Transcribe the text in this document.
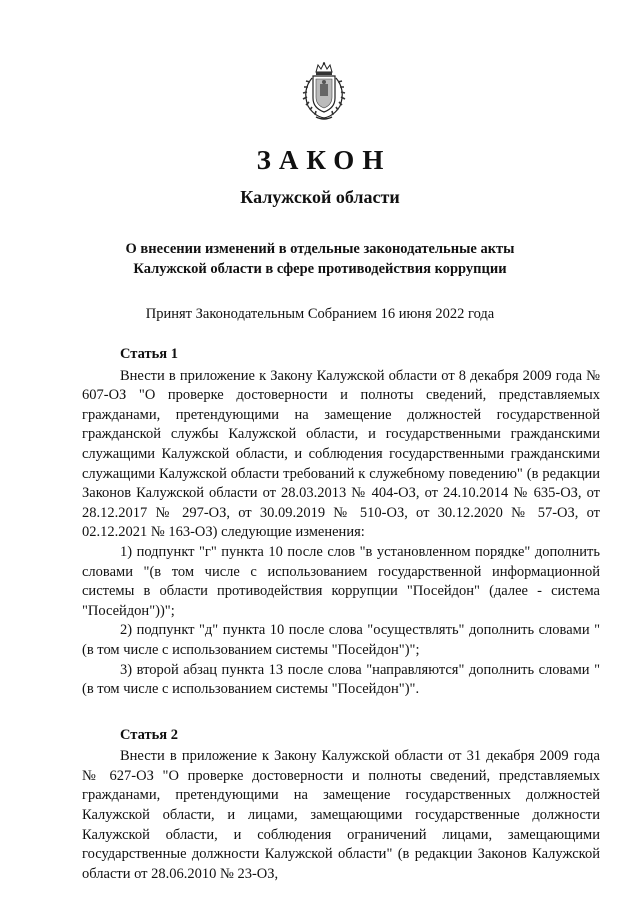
ЗАКОН
Калужской области
О внесении изменений в отдельные законодательные акты
Калужской области в сфере противодействия коррупции
Принят Законодательным Собранием 16 июня 2022 года

Статья 1

Внести в приложение к Закону Калужской области от 8 декабря 2009 года № 607-ОЗ "О проверке достоверности и полноты сведений, представляемых гражданами, претендующими на замещение должностей государственной гражданской службы Калужской области, и государственными гражданскими служащими Калужской области, и соблюдения государственными гражданскими служащими Калужской области требований к служебному поведению" (в редакции Законов Калужской области от 28.03.2013 № 404-ОЗ, от 24.10.2014 № 635-ОЗ, от 28.12.2017 № 297-ОЗ, от 30.09.2019 № 510-ОЗ, от 30.12.2020 № 57-ОЗ, от 02.12.2021 № 163-ОЗ) следующие изменения:

1) подпункт "г" пункта 10 после слов "в установленном порядке" дополнить словами "(в том числе с использованием государственной информационной системы в области противодействия коррупции "Посейдон" (далее - система "Посейдон"))";

2) подпункт "д" пункта 10 после слова "осуществлять" дополнить словами "(в том числе с использованием системы "Посейдон")";

3) второй абзац пункта 13 после слова "направляются" дополнить словами "(в том числе с использованием системы "Посейдон")".

Статья 2

Внести в приложение к Закону Калужской области от 31 декабря 2009 года № 627-ОЗ "О проверке достоверности и полноты сведений, представляемых гражданами, претендующими на замещение государственных должностей Калужской области, и лицами, замещающими государственные должности Калужской области, и соблюдения ограничений лицами, замещающими государственные должности Калужской области" (в редакции Законов Калужской области от 28.06.2010 № 23-ОЗ,
